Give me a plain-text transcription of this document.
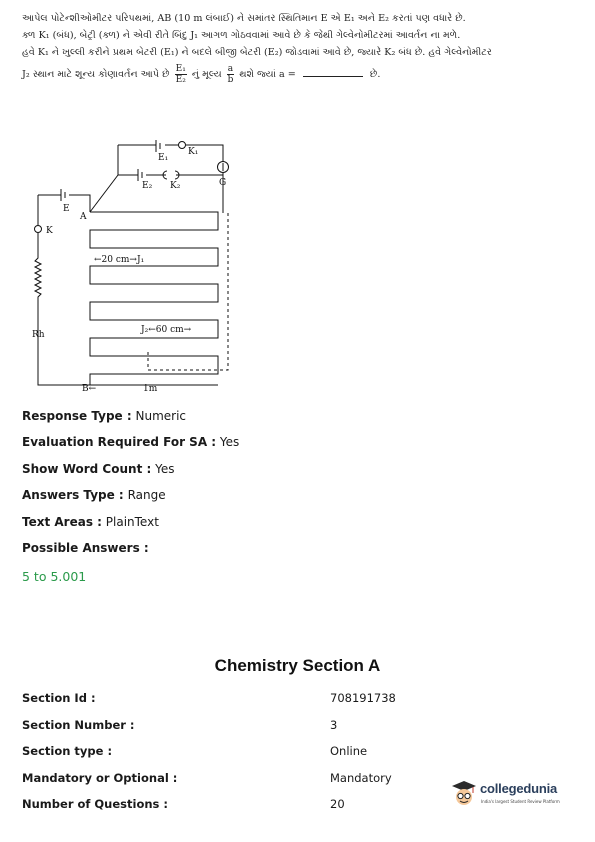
આપેલ પોટેન્શીઓમીટર પરિપથમાં, AB (10 m લંબાઈ) ને સમાંતર સ્થિતિમાન E એ E₁ અને E₂ કરતાં પણ વધારે છે.

ક્ળ K₁ (બંધ), બેટ્રી (ક્ળ) ને એવી રીતે બિંદુ J₁ આગળ ગોઠવવામાં આવે છે કે જેથી ગેલ્વેનોમીટરમાં આવર્તન ના મળે.

હવે K₁ ને ખુલ્લી કરીને પ્રથમ બેટરી (E₁) ને બદલે બીજી બેટરી (E₂) જોડવામાં આવે છે, જ્યારે K₂ બંધ છે. હવે ગેલ્વેનોમીટર

J₂ સ્થાન માટે શૂન્ય કોણાવર્તન આપે છે $\frac{\text{E₁}}{\text{E₂}}$ નું મૂલ્ય $\frac{a}{b}$ થશે જ્યાં a =	છે.

E₁
K₁
G
E₂ K₂
E
A
K
Rh
←20 cm→J₁
J₂←60 cm→
B←	1m
Response Type : Numeric
Evaluation Required For SA : Yes
Show Word Count : Yes
Answers Type : Range
Text Areas : PlainText
Possible Answers :
5 to 5.001
Chemistry Section A
Section Id :	708191738
Section Number :	3
Section type :	Online
Mandatory or Optional :	Mandatory
Number of Questions :	20
collegedunia
India's largest Student Review Platform
